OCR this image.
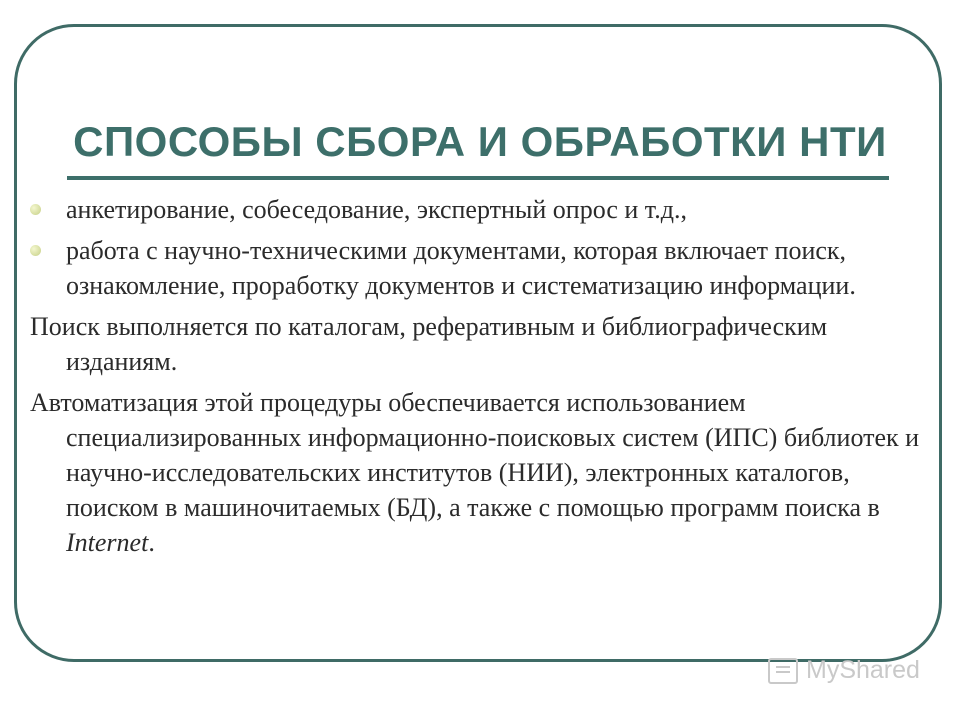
СПОСОБЫ СБОРА И ОБРАБОТКИ НТИ
анкетирование, собеседование, экспертный опрос и т.д.,
работа с научно-техническими документами, которая включает поиск, ознакомление, проработку документов и систематизацию информации.
Поиск выполняется по каталогам, реферативным и библиографическим изданиям.
Автоматизация этой процедуры обеспечивается использованием специализированных информационно-поисковых систем (ИПС) библиотек и научно-исследовательских институтов (НИИ), электронных каталогов, поиском в машиночитаемых (БД), а также с помощью программ поиска в Internet.
MyShared
